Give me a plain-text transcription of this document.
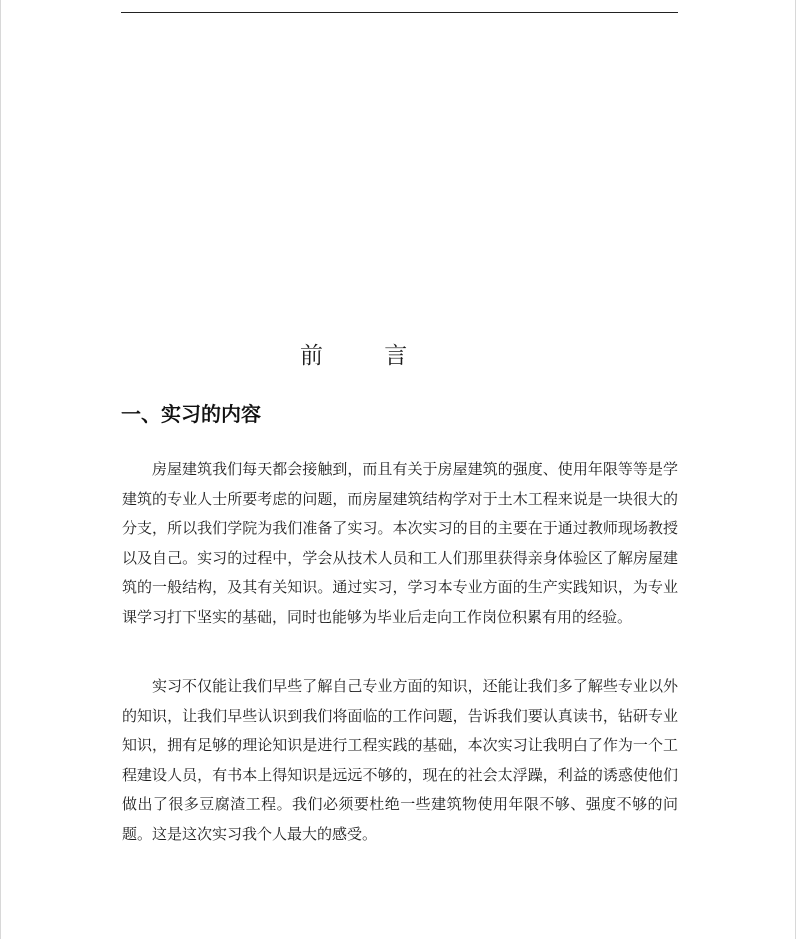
前 言
一、实习的内容

房屋建筑我们每天都会接触到，而且有关于房屋建筑的强度、使用年限等等是学建筑的专业人士所要考虑的问题，而房屋建筑结构学对于土木工程来说是一块很大的分支，所以我们学院为我们准备了实习。本次实习的目的主要在于通过教师现场教授以及自己。实习的过程中，学会从技术人员和工人们那里获得亲身体验区了解房屋建筑的一般结构，及其有关知识。通过实习，学习本专业方面的生产实践知识，为专业课学习打下坚实的基础，同时也能够为毕业后走向工作岗位积累有用的经验。

实习不仅能让我们早些了解自己专业方面的知识，还能让我们多了解些专业以外的知识，让我们早些认识到我们将面临的工作问题，告诉我们要认真读书，钻研专业知识，拥有足够的理论知识是进行工程实践的基础，本次实习让我明白了作为一个工程建设人员，有书本上得知识是远远不够的，现在的社会太浮躁，利益的诱惑使他们做出了很多豆腐渣工程。我们必须要杜绝一些建筑物使用年限不够、强度不够的问题。这是这次实习我个人最大的感受。
